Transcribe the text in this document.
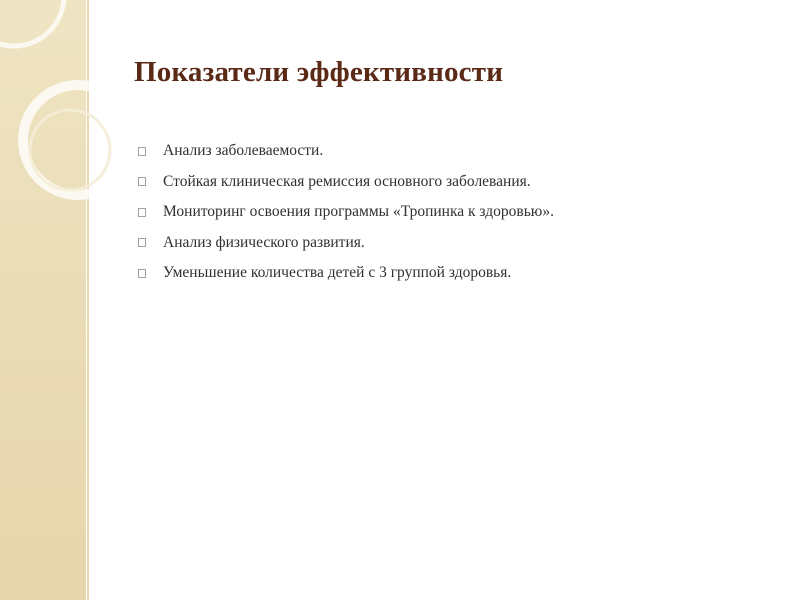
Показатели эффективности
Анализ заболеваемости.
Стойкая клиническая ремиссия основного заболевания.
Мониторинг освоения программы «Тропинка к здоровью».
Анализ физического развития.
Уменьшение количества детей с 3 группой здоровья.
